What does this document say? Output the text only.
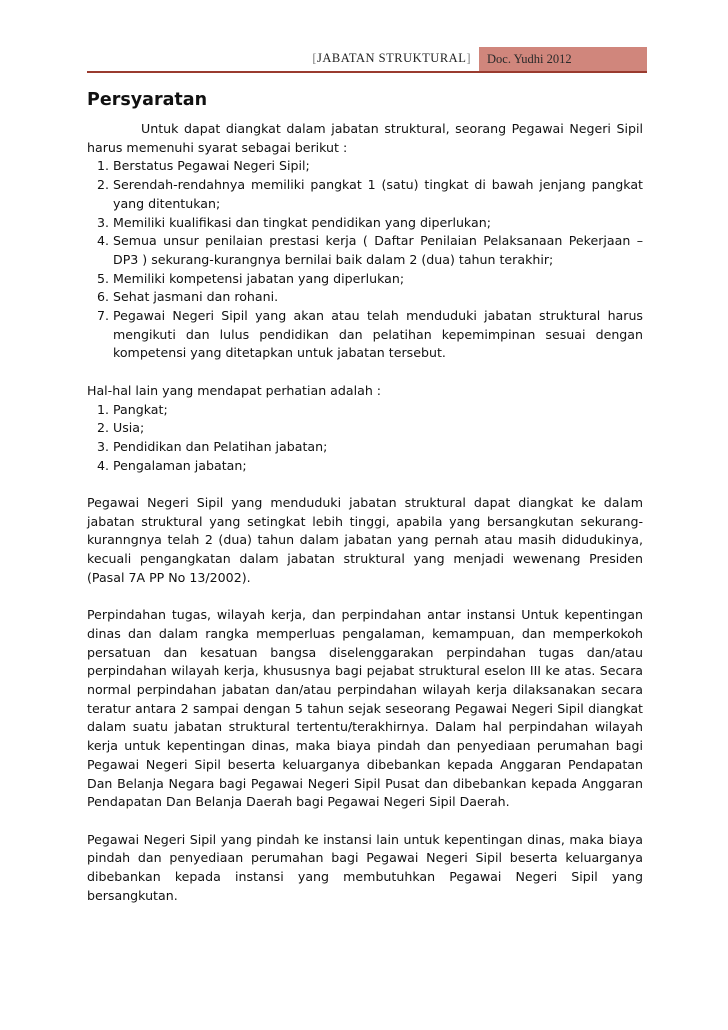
[JABATAN STRUKTURAL]	Doc. Yudhi 2012
Persyaratan

Untuk dapat diangkat dalam jabatan struktural, seorang Pegawai Negeri Sipil harus memenuhi syarat sebagai berikut :

1. Berstatus Pegawai Negeri Sipil;
2. Serendah-rendahnya memiliki pangkat 1 (satu) tingkat di bawah jenjang pangkat yang ditentukan;
3. Memiliki kualifikasi dan tingkat pendidikan yang diperlukan;
4. Semua unsur penilaian prestasi kerja ( Daftar Penilaian Pelaksanaan Pekerjaan – DP3 ) sekurang-kurangnya bernilai baik dalam 2 (dua) tahun terakhir;
5. Memiliki kompetensi jabatan yang diperlukan;
6. Sehat jasmani dan rohani.
7. Pegawai Negeri Sipil yang akan atau telah menduduki jabatan struktural harus mengikuti dan lulus pendidikan dan pelatihan kepemimpinan sesuai dengan kompetensi yang ditetapkan untuk jabatan tersebut.

Hal-hal lain yang mendapat perhatian adalah :

1. Pangkat;
2. Usia;
3. Pendidikan dan Pelatihan jabatan;
4. Pengalaman jabatan;

Pegawai Negeri Sipil yang menduduki jabatan struktural dapat diangkat ke dalam jabatan struktural yang setingkat lebih tinggi, apabila yang bersangkutan sekurang-kuranngnya telah 2 (dua) tahun dalam jabatan yang pernah atau masih didudukinya, kecuali pengangkatan dalam jabatan struktural yang menjadi wewenang Presiden (Pasal 7A PP No 13/2002).

Perpindahan tugas, wilayah kerja, dan perpindahan antar instansi Untuk kepentingan dinas dan dalam rangka memperluas pengalaman, kemampuan, dan memperkokoh persatuan dan kesatuan bangsa diselenggarakan perpindahan tugas dan/atau perpindahan wilayah kerja, khususnya bagi pejabat struktural eselon III ke atas. Secara normal perpindahan jabatan dan/atau perpindahan wilayah kerja dilaksanakan secara teratur antara 2 sampai dengan 5 tahun sejak seseorang Pegawai Negeri Sipil diangkat dalam suatu jabatan struktural tertentu/terakhirnya. Dalam hal perpindahan wilayah kerja untuk kepentingan dinas, maka biaya pindah dan penyediaan perumahan bagi Pegawai Negeri Sipil beserta keluarganya dibebankan kepada Anggaran Pendapatan Dan Belanja Negara bagi Pegawai Negeri Sipil Pusat dan dibebankan kepada Anggaran Pendapatan Dan Belanja Daerah bagi Pegawai Negeri Sipil Daerah.

Pegawai Negeri Sipil yang pindah ke instansi lain untuk kepentingan dinas, maka biaya pindah dan penyediaan perumahan bagi Pegawai Negeri Sipil beserta keluarganya dibebankan kepada instansi yang membutuhkan Pegawai Negeri Sipil yang bersangkutan.
